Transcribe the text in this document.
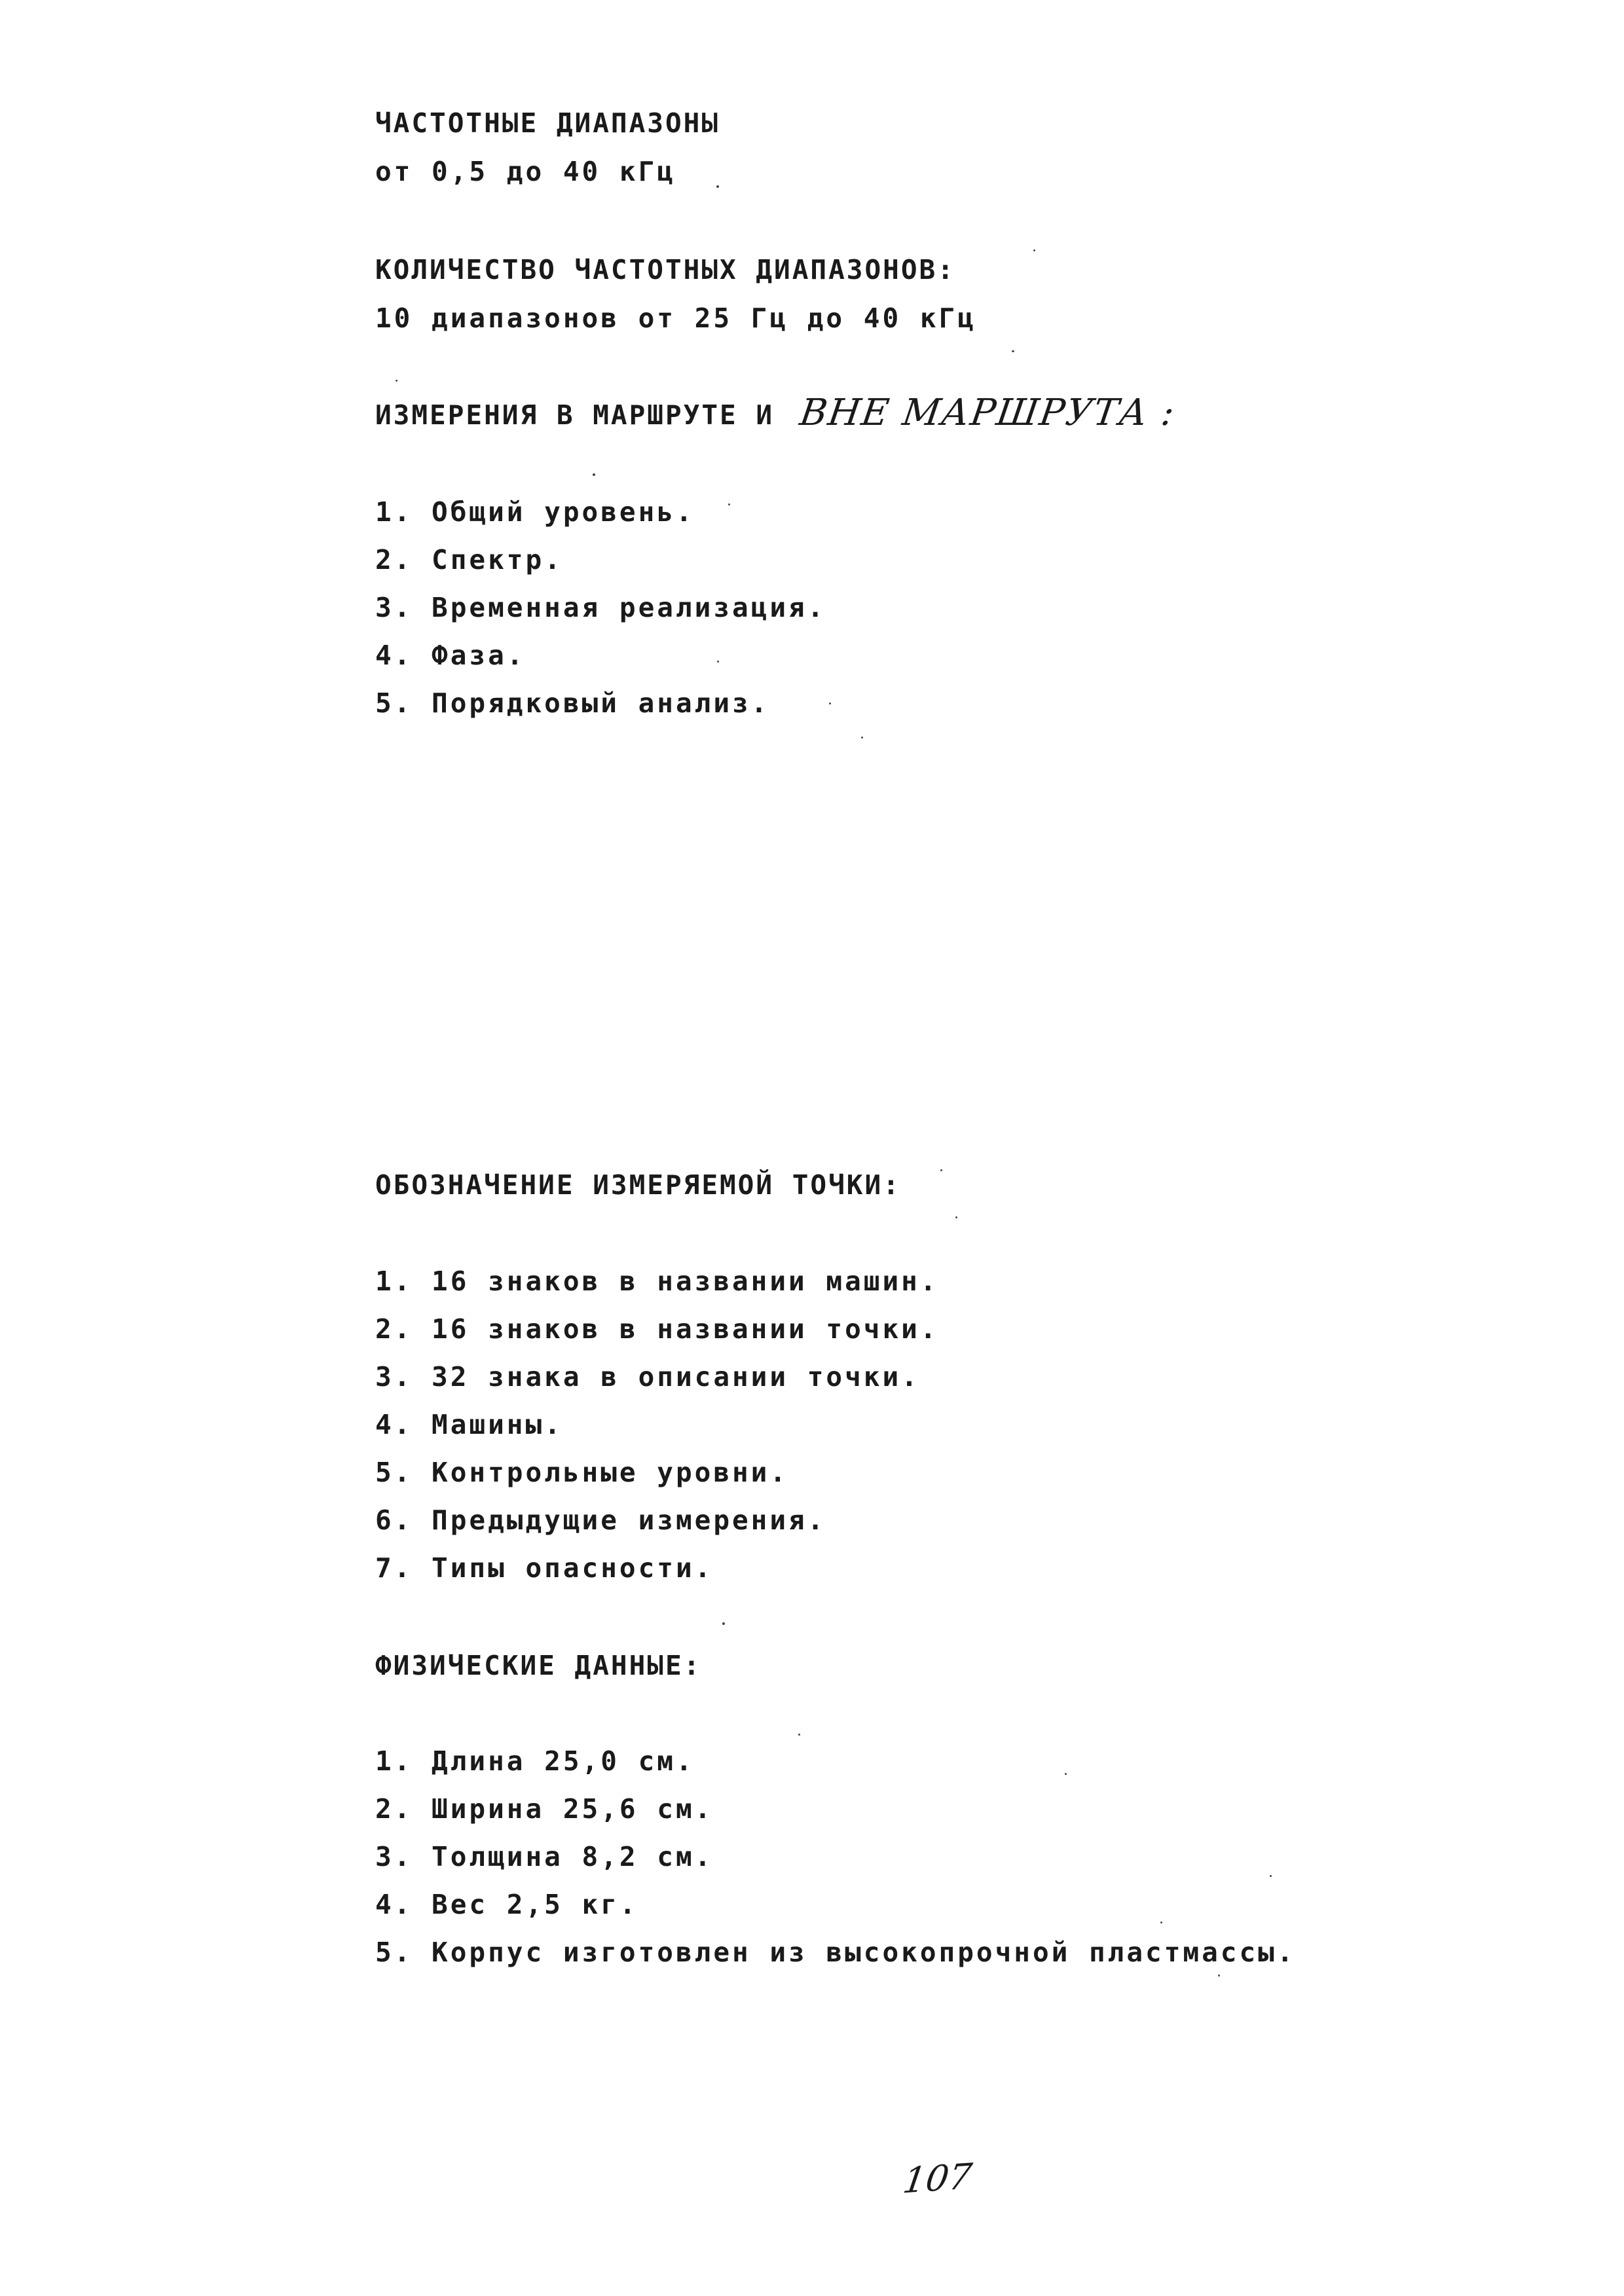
ЧАСТОТНЫЕ ДИАПАЗОНЫ
от 0,5 до 40 кГц
КОЛИЧЕСТВО ЧАСТОТНЫХ ДИАПАЗОНОВ:
10 диапазонов от 25 Гц до 40 кГц
ИЗМЕРЕНИЯ В МАРШРУТЕ И ВНЕ МАРШРУТА :
1. Общий уровень.
2. Спектр.
3. Временная реализация.
4. Фаза.
5. Порядковый анализ.
ОБОЗНАЧЕНИЕ ИЗМЕРЯЕМОЙ ТОЧКИ:
1. 16 знаков в названии машин.
2. 16 знаков в названии точки.
3. 32 знака в описании точки.
4. Машины.
5. Контрольные уровни.
6. Предыдущие измерения.
7. Типы опасности.
ФИЗИЧЕСКИЕ ДАННЫЕ:
1. Длина 25,0 см.
2. Ширина 25,6 см.
3. Толщина 8,2 см.
4. Вес 2,5 кг.
5. Корпус изготовлен из высокопрочной пластмассы.
107
